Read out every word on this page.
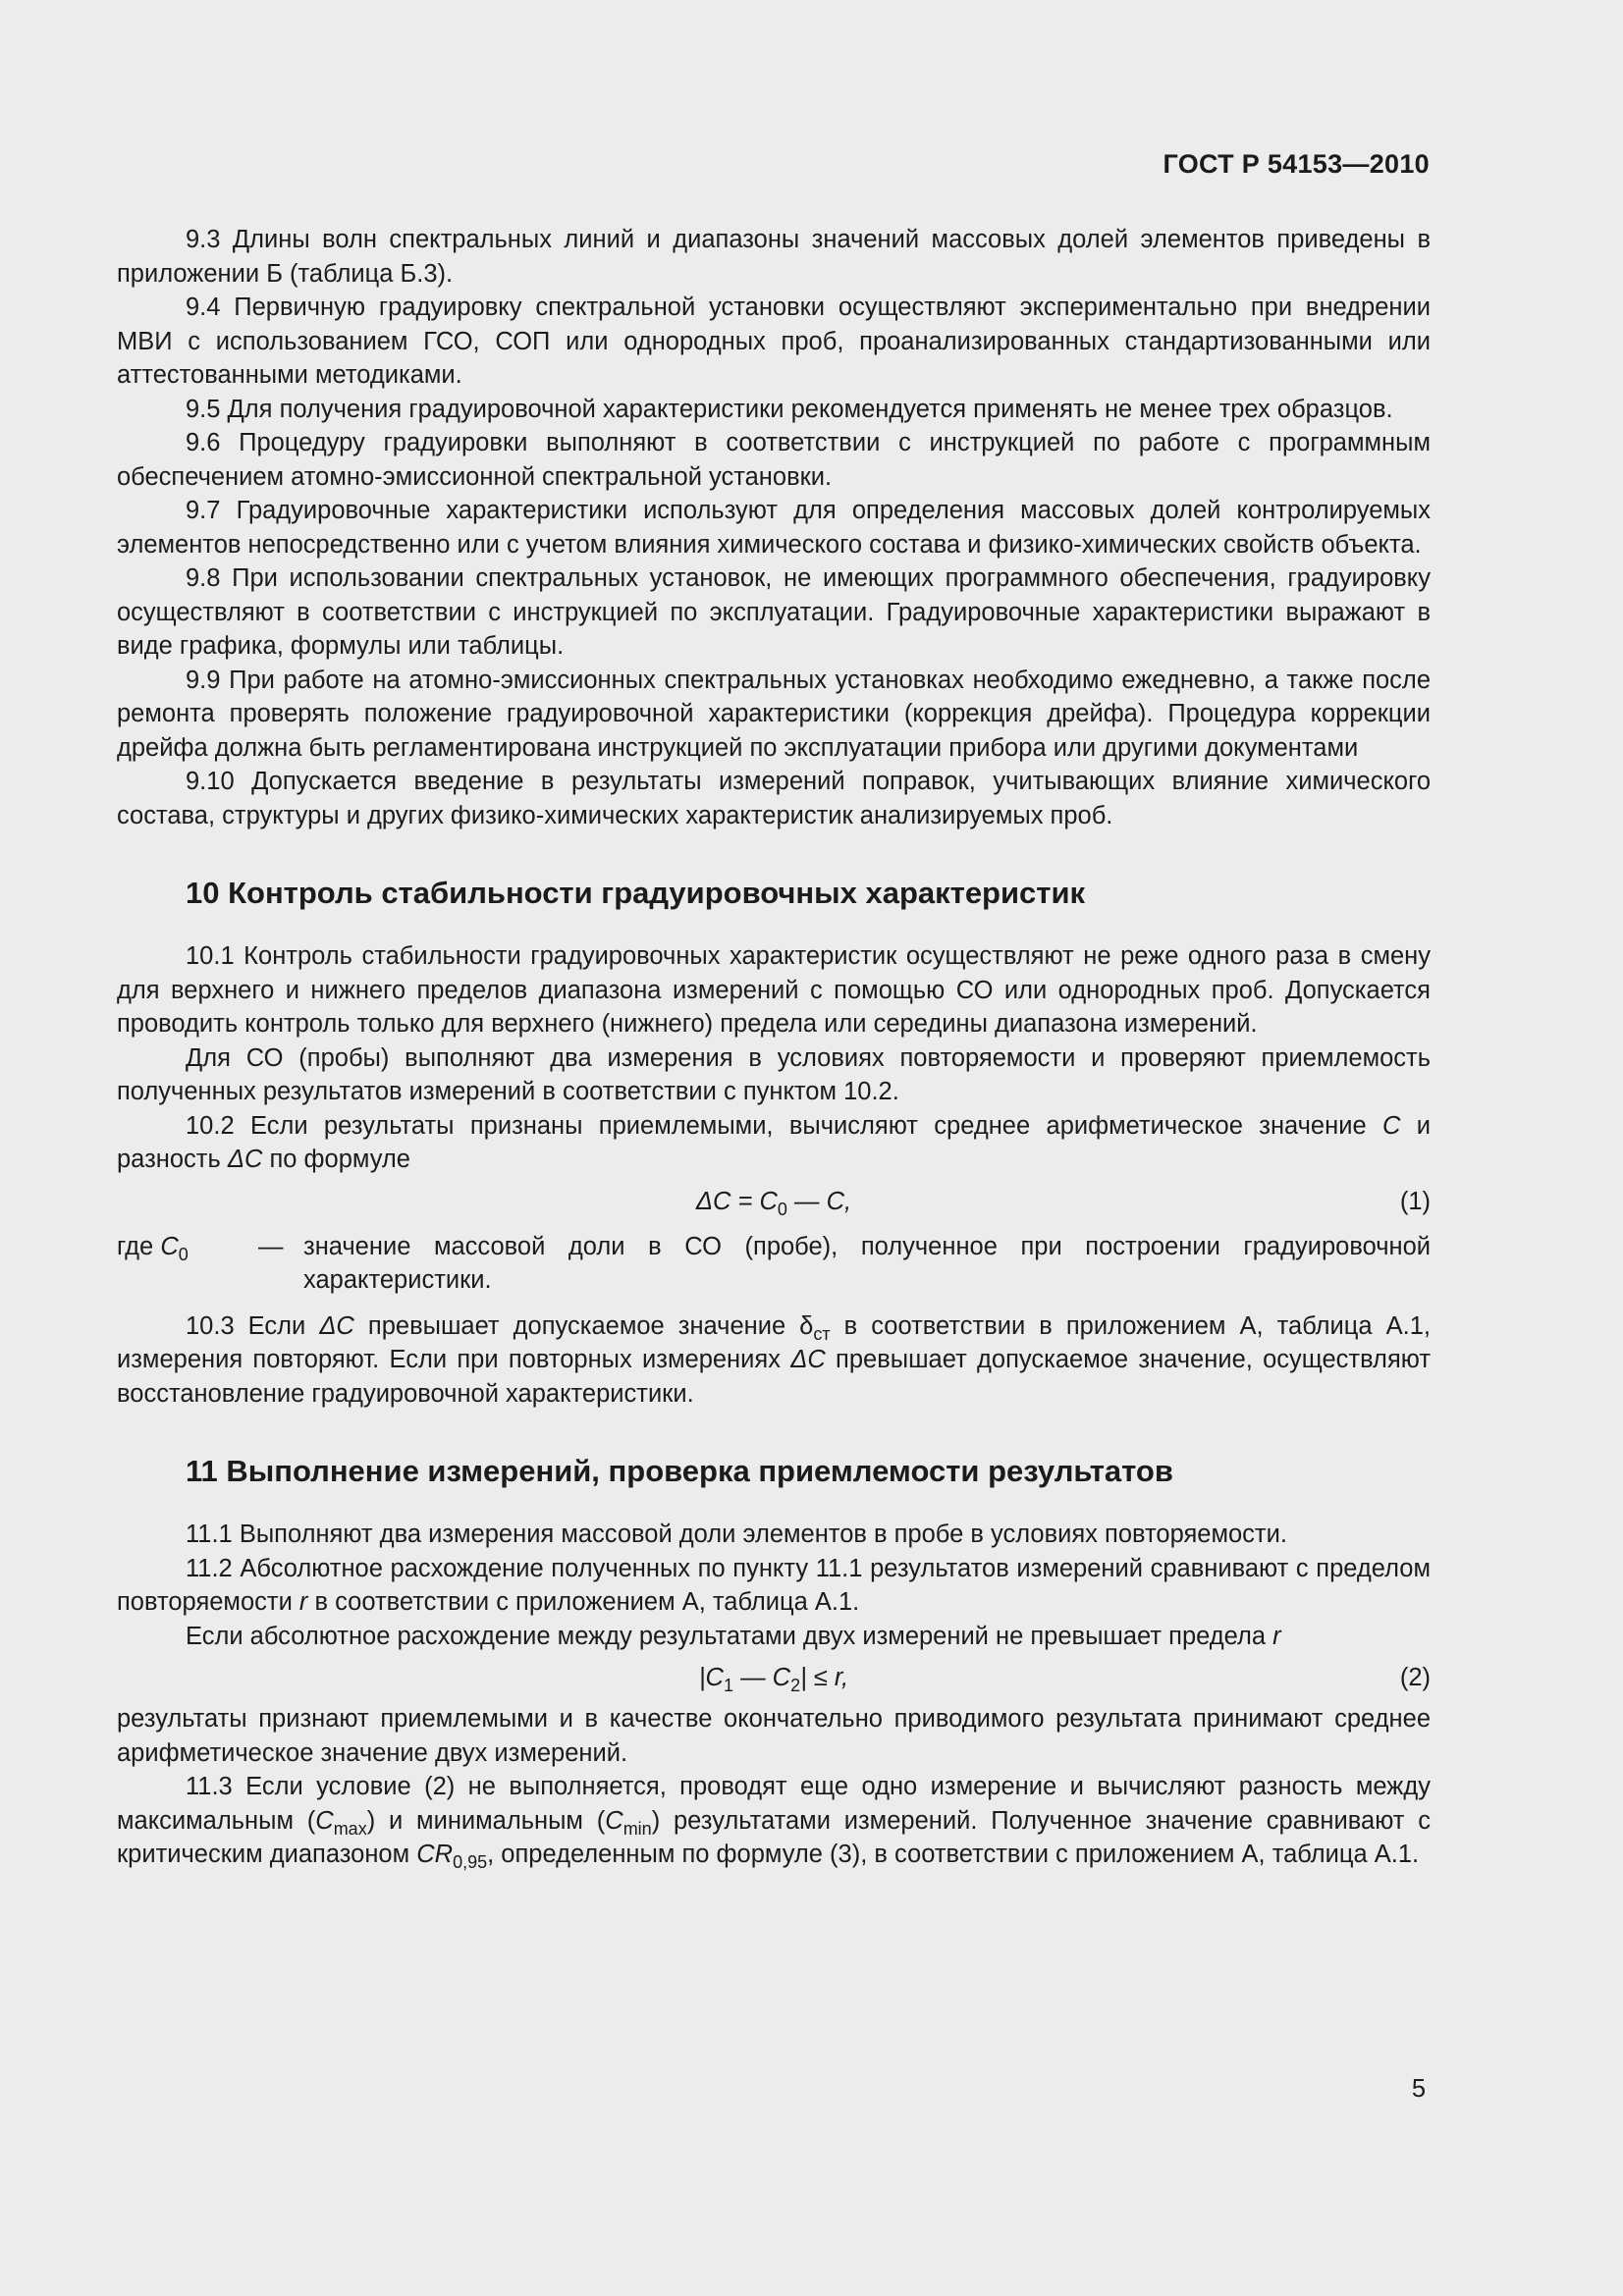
ГОСТ Р 54153—2010

9.3 Длины волн спектральных линий и диапазоны значений массовых долей элементов приведены в приложении Б (таблица Б.3).

9.4 Первичную градуировку спектральной установки осуществляют экспериментально при внедрении МВИ с использованием ГСО, СОП или однородных проб, проанализированных стандартизованными или аттестованными методиками.

9.5 Для получения градуировочной характеристики рекомендуется применять не менее трех образцов.

9.6 Процедуру градуировки выполняют в соответствии с инструкцией по работе с программным обеспечением атомно-эмиссионной спектральной установки.

9.7 Градуировочные характеристики используют для определения массовых долей контролируемых элементов непосредственно или с учетом влияния химического состава и физико-химических свойств объекта.

9.8 При использовании спектральных установок, не имеющих программного обеспечения, градуировку осуществляют в соответствии с инструкцией по эксплуатации. Градуировочные характеристики выражают в виде графика, формулы или таблицы.

9.9 При работе на атомно-эмиссионных спектральных установках необходимо ежедневно, а также после ремонта проверять положение градуировочной характеристики (коррекция дрейфа). Процедура коррекции дрейфа должна быть регламентирована инструкцией по эксплуатации прибора или другими документами

9.10 Допускается введение в результаты измерений поправок, учитывающих влияние химического состава, структуры и других физико-химических характеристик анализируемых проб.

10 Контроль стабильности градуировочных характеристик

10.1 Контроль стабильности градуировочных характеристик осуществляют не реже одного раза в смену для верхнего и нижнего пределов диапазона измерений с помощью СО или однородных проб. Допускается проводить контроль только для верхнего (нижнего) предела или середины диапазона измерений.

Для СО (пробы) выполняют два измерения в условиях повторяемости и проверяют приемлемость полученных результатов измерений в соответствии с пунктом 10.2.

10.2 Если результаты признаны приемлемыми, вычисляют среднее арифметическое значение C и разность ΔC по формуле

$\Delta C = C_0$ — C,	(1)
где $C_0$	— значение массовой доли в СО (пробе), полученное при построении градуировочной характеристики.

10.3 Если ΔC превышает допускаемое значение $\delta_{ст}$ в соответствии в приложением А, таблица А.1, измерения повторяют. Если при повторных измерениях ΔC превышает допускаемое значение, осуществляют восстановление градуировочной характеристики.

11 Выполнение измерений, проверка приемлемости результатов

11.1 Выполняют два измерения массовой доли элементов в пробе в условиях повторяемости.

11.2 Абсолютное расхождение полученных по пункту 11.1 результатов измерений сравнивают с пределом повторяемости r в соответствии с приложением А, таблица А.1.

Если абсолютное расхождение между результатами двух измерений не превышает предела r

$|C_1$ — $C_2| \le r$,	(2)

результаты признают приемлемыми и в качестве окончательно приводимого результата принимают среднее арифметическое значение двух измерений.

11.3 Если условие (2) не выполняется, проводят еще одно измерение и вычисляют разность между максимальным $(C_{max})$ и минимальным $(C_{min})$ результатами измерений. Полученное значение сравнивают с критическим диапазоном $CR_{0,95}$, определенным по формуле (3), в соответствии с приложением А, таблица А.1.

5
